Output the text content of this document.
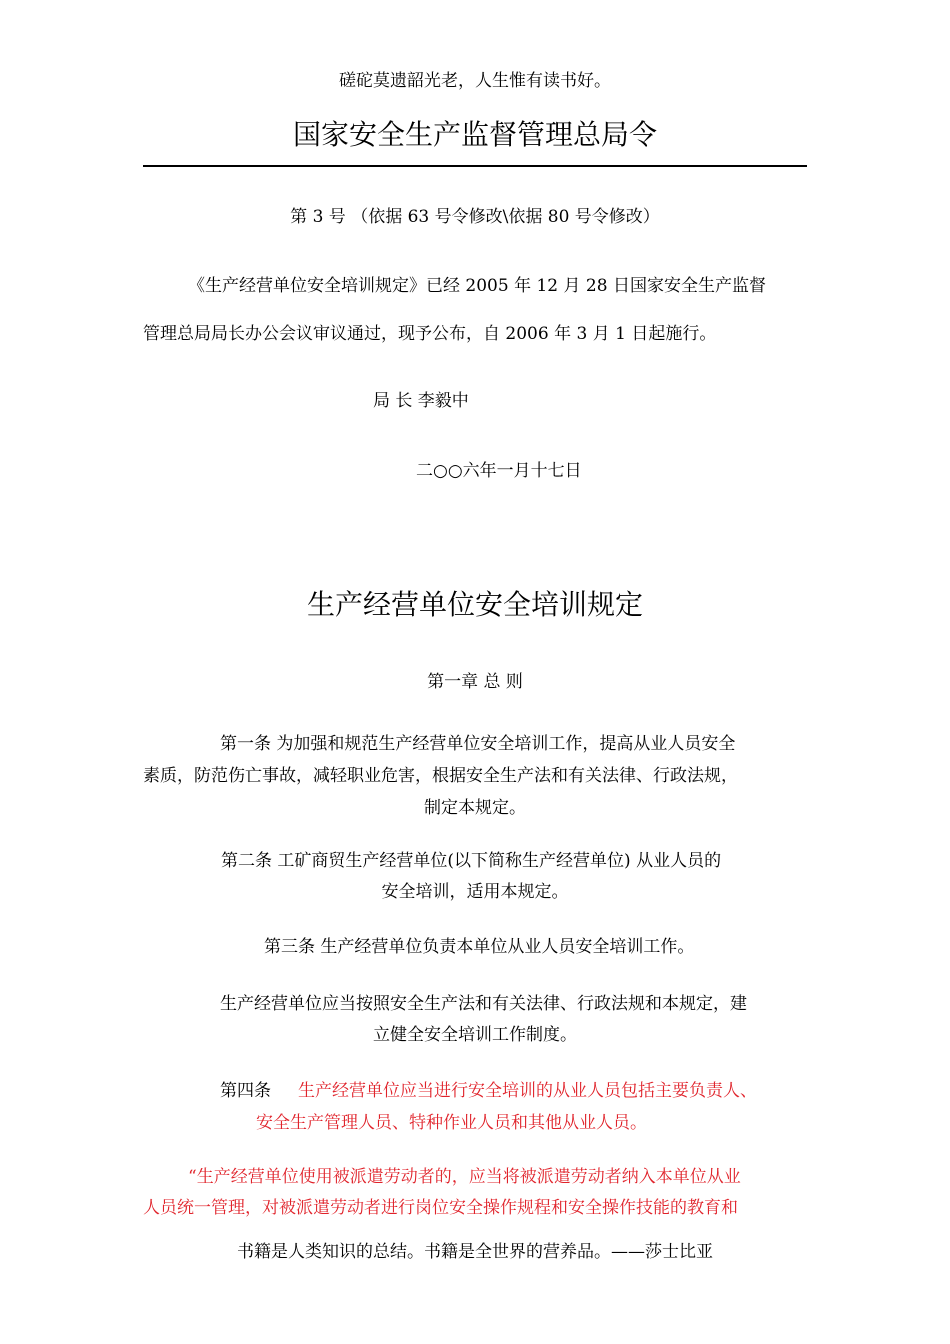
磋砣莫遗韶光老，人生惟有读书好。
国家安全生产监督管理总局令
第 3 号 （依据 63 号令修改\依据 80 号令修改）
《生产经营单位安全培训规定》已经 2005 年 12 月 28 日国家安全生产监督
管理总局局长办公会议审议通过，现予公布，自 2006 年 3 月 1 日起施行。
局 长 李毅中
二○○六年一月十七日
生产经营单位安全培训规定
第一章 总 则
第一条 为加强和规范生产经营单位安全培训工作，提高从业人员安全
素质，防范伤亡事故，减轻职业危害，根据安全生产法和有关法律、行政法规，
制定本规定。
第二条 工矿商贸生产经营单位(以下简称生产经营单位) 从业人员的
安全培训，适用本规定。
第三条 生产经营单位负责本单位从业人员安全培训工作。
生产经营单位应当按照安全生产法和有关法律、行政法规和本规定，建
立健全安全培训工作制度。
第四条 生产经营单位应当进行安全培训的从业人员包括主要负责人、
安全生产管理人员、特种作业人员和其他从业人员。
“生产经营单位使用被派遣劳动者的，应当将被派遣劳动者纳入本单位从业
人员统一管理，对被派遣劳动者进行岗位安全操作规程和安全操作技能的教育和
书籍是人类知识的总结。书籍是全世界的营养品。——莎士比亚
